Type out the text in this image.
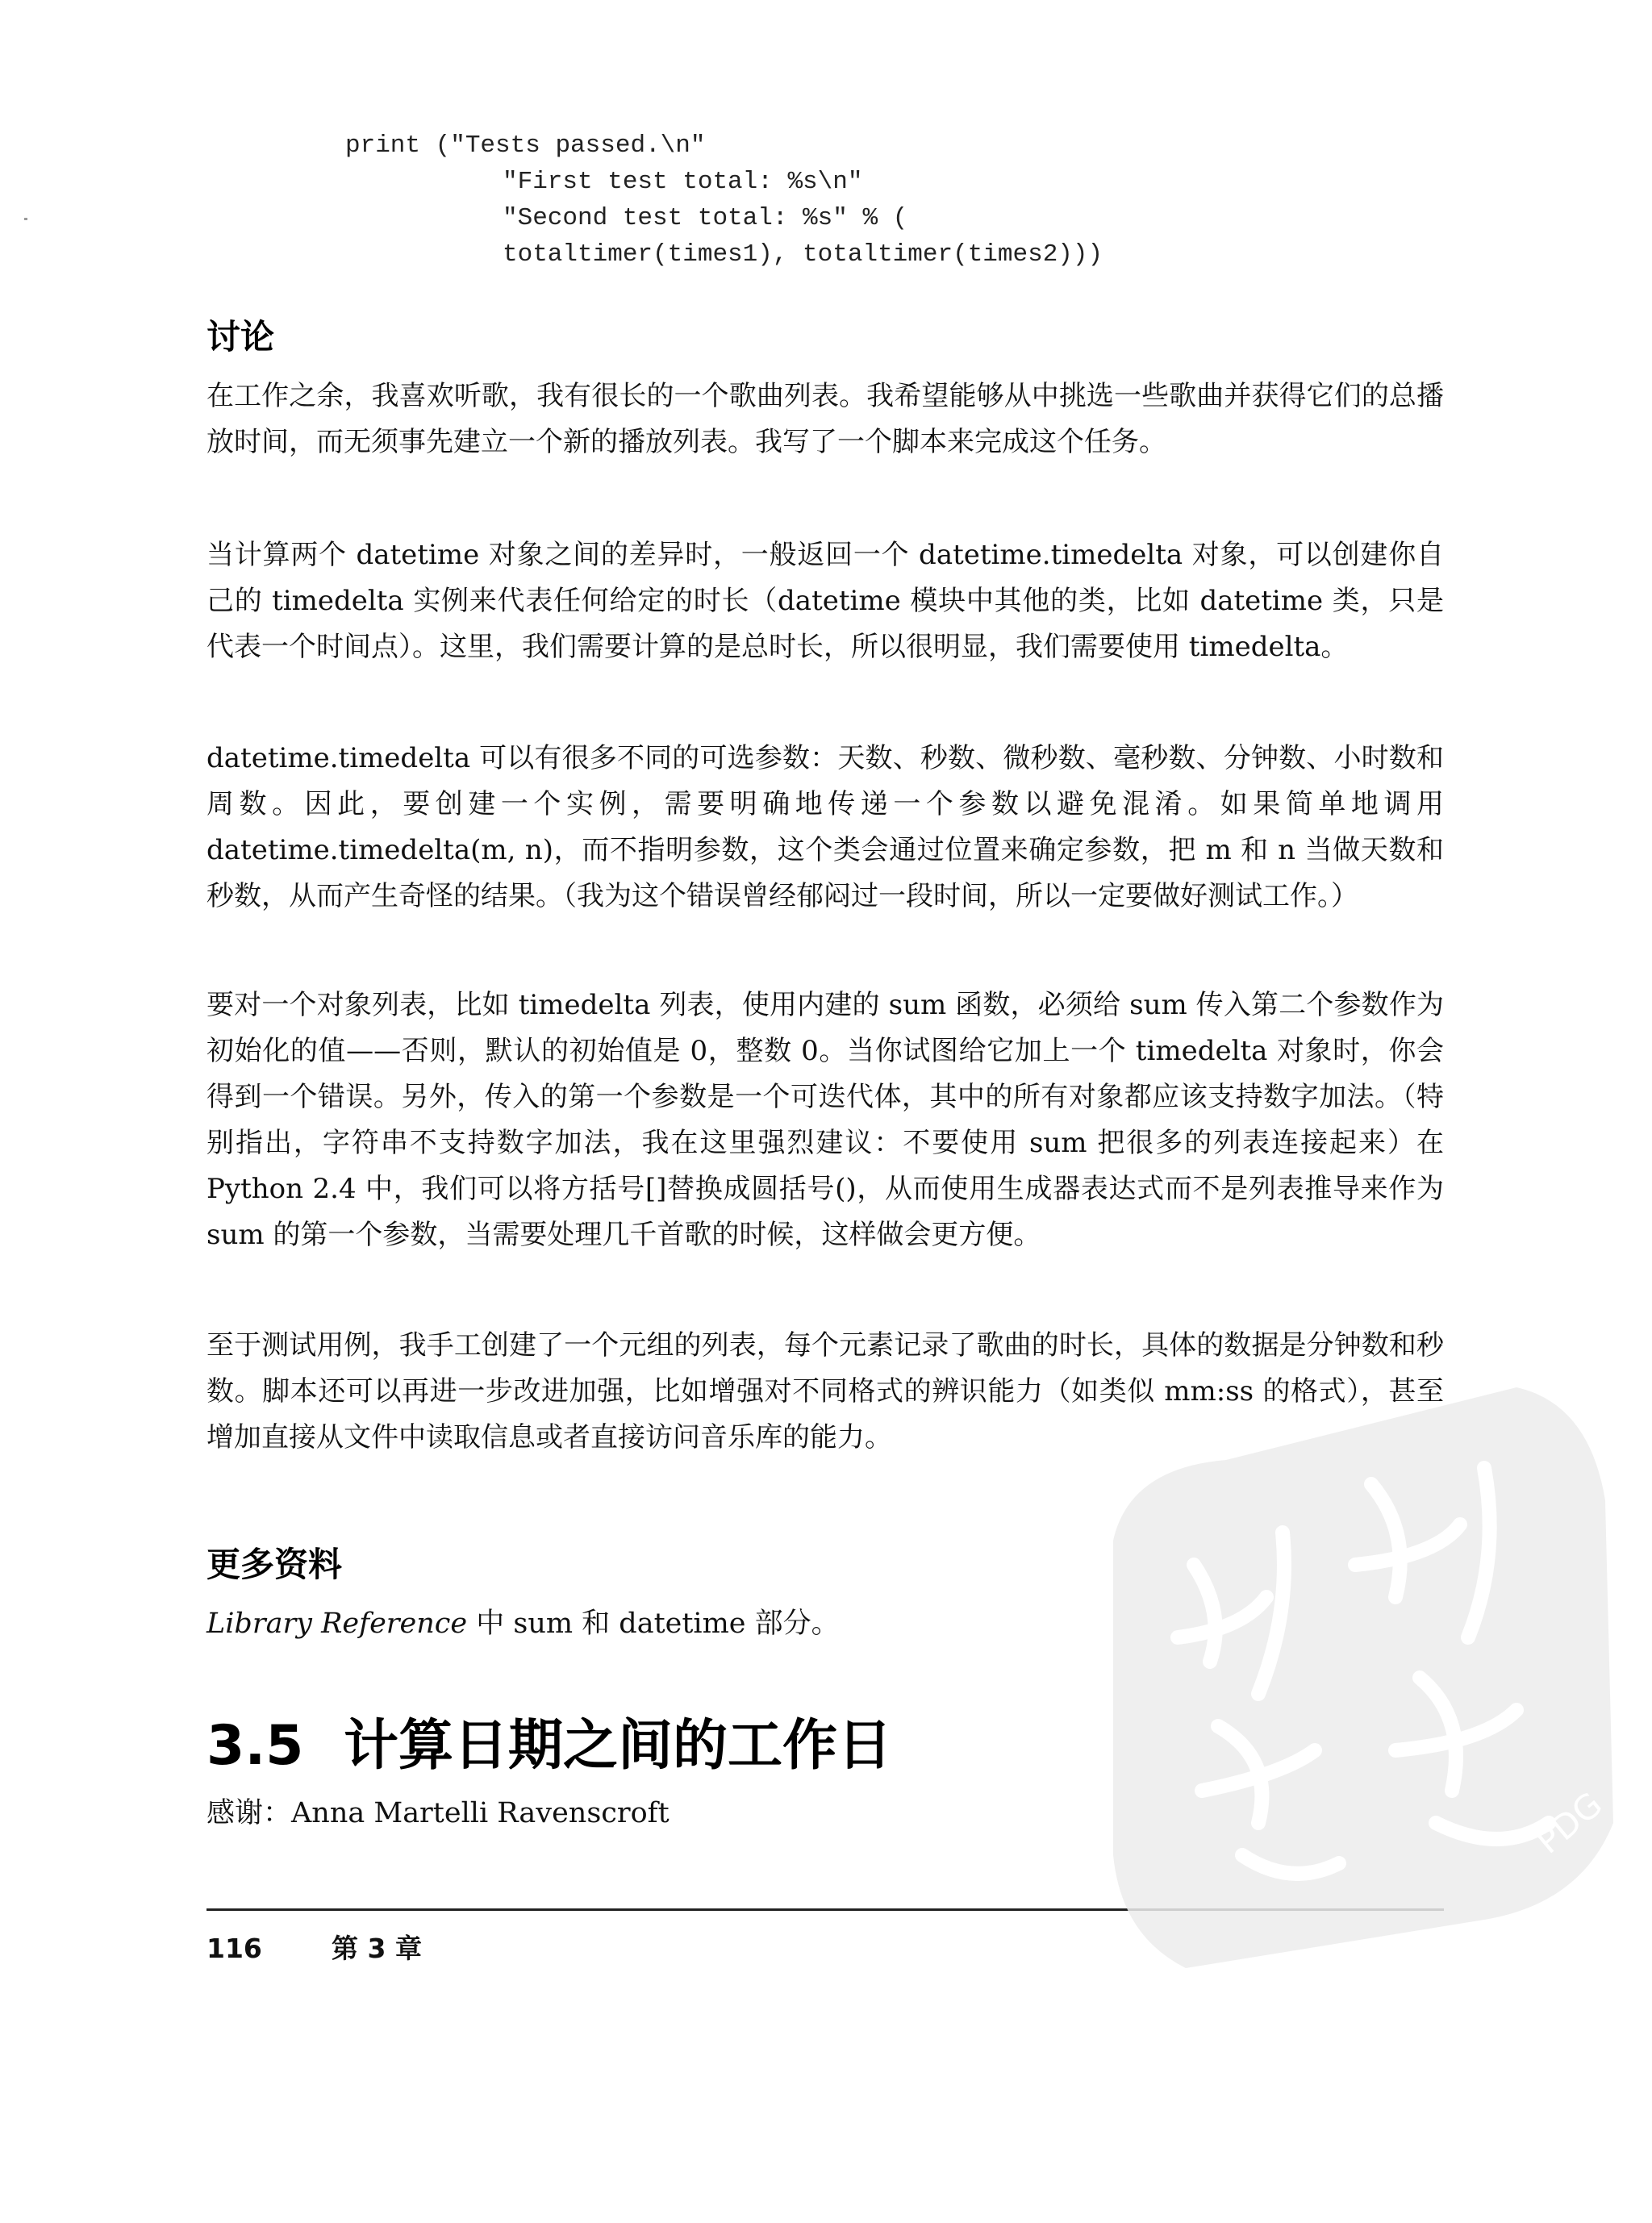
print ("Tests passed.\n"
"First test total: %s\n"
"Second test total: %s" % (
totaltimer(times1), totaltimer(times2)))
讨论

在工作之余，我喜欢听歌，我有很长的一个歌曲列表。我希望能够从中挑选一些歌曲并获得它们的总播放时间，而无须事先建立一个新的播放列表。我写了一个脚本来完成这个任务。

当计算两个 datetime 对象之间的差异时，一般返回一个 datetime.timedelta 对象，可以创建你自己的 timedelta 实例来代表任何给定的时长（datetime 模块中其他的类，比如 datetime 类，只是代表一个时间点）。这里，我们需要计算的是总时长，所以很明显，我们需要使用 timedelta。

datetime.timedelta 可以有很多不同的可选参数：天数、秒数、微秒数、毫秒数、分钟数、小时数和周数。因此，要创建一个实例，需要明确地传递一个参数以避免混淆。如果简单地调用 datetime.timedelta(m, n)，而不指明参数，这个类会通过位置来确定参数，把 m 和 n 当做天数和秒数，从而产生奇怪的结果。（我为这个错误曾经郁闷过一段时间，所以一定要做好测试工作。）

要对一个对象列表，比如 timedelta 列表，使用内建的 sum 函数，必须给 sum 传入第二个参数作为初始化的值——否则，默认的初始值是 0，整数 0。当你试图给它加上一个 timedelta 对象时，你会得到一个错误。另外，传入的第一个参数是一个可迭代体，其中的所有对象都应该支持数字加法。（特别指出，字符串不支持数字加法，我在这里强烈建议：不要使用 sum 把很多的列表连接起来）在 Python 2.4 中，我们可以将方括号[]替换成圆括号()，从而使用生成器表达式而不是列表推导来作为 sum 的第一个参数，当需要处理几千首歌的时候，这样做会更方便。

至于测试用例，我手工创建了一个元组的列表，每个元素记录了歌曲的时长，具体的数据是分钟数和秒数。脚本还可以再进一步改进加强，比如增强对不同格式的辨识能力（如类似 mm:ss 的格式），甚至增加直接从文件中读取信息或者直接访问音乐库的能力。

更多资料

Library Reference 中 sum 和 datetime 部分。

3.5 计算日期之间的工作日

感谢：Anna Martelli Ravenscroft

116	第 3 章
PDG
